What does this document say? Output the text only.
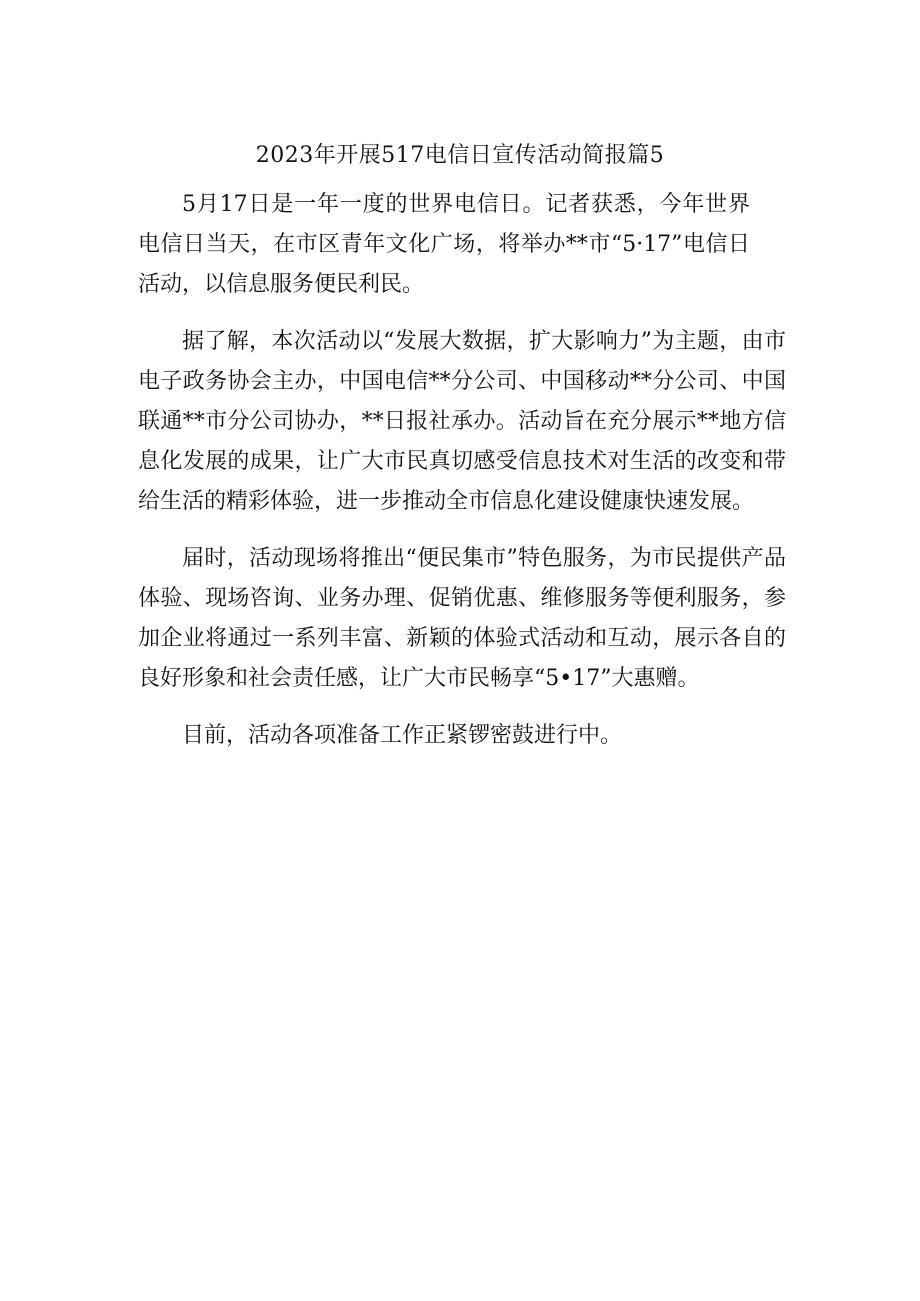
2023年开展517电信日宣传活动简报篇5

5月17日是一年一度的世界电信日。记者获悉，今年世界电信日当天，在市区青年文化广场，将举办**市“5·17”电信日活动，以信息服务便民利民。

据了解，本次活动以“发展大数据，扩大影响力”为主题，由市电子政务协会主办，中国电信**分公司、中国移动**分公司、中国联通**市分公司协办，**日报社承办。活动旨在充分展示**地方信息化发展的成果，让广大市民真切感受信息技术对生活的改变和带给生活的精彩体验，进一步推动全市信息化建设健康快速发展。

届时，活动现场将推出“便民集市”特色服务，为市民提供产品体验、现场咨询、业务办理、促销优惠、维修服务等便利服务，参加企业将通过一系列丰富、新颖的体验式活动和互动，展示各自的良好形象和社会责任感，让广大市民畅享“5•17”大惠赠。

目前，活动各项准备工作正紧锣密鼓进行中。
